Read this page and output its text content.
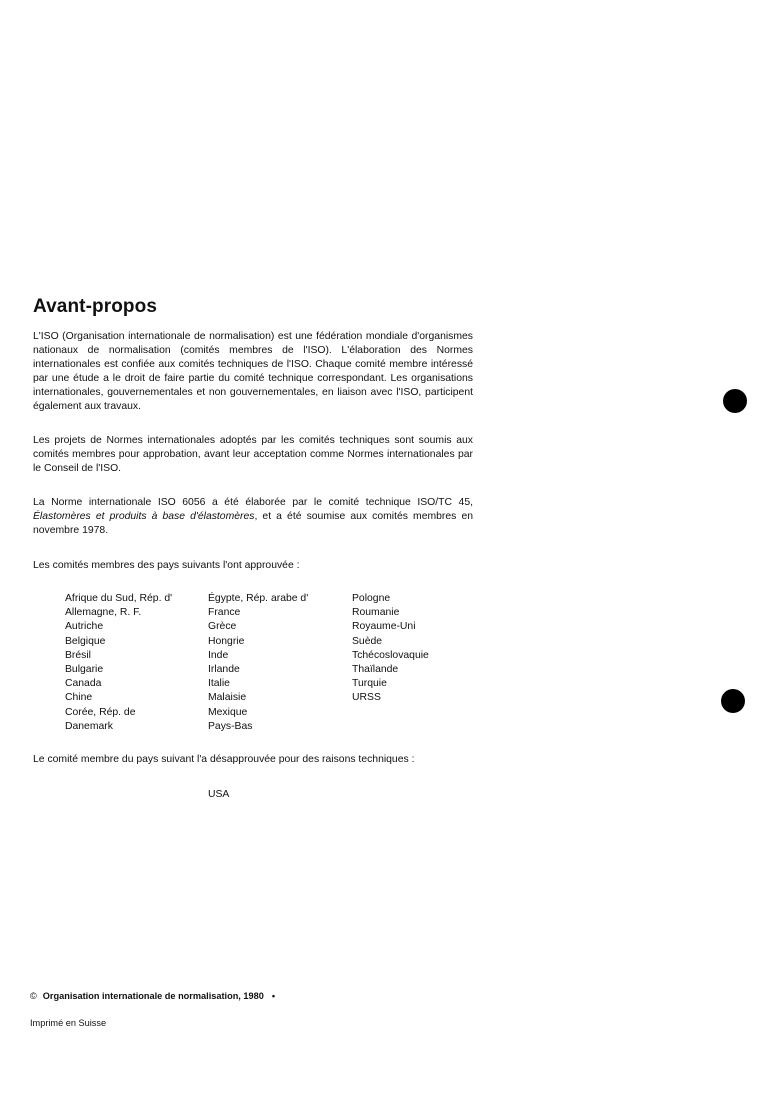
Avant-propos

L'ISO (Organisation internationale de normalisation) est une fédération mondiale d'organismes nationaux de normalisation (comités membres de l'ISO). L'élaboration des Normes internationales est confiée aux comités techniques de l'ISO. Chaque comité membre intéressé par une étude a le droit de faire partie du comité technique correspondant. Les organisations internationales, gouvernementales et non gouvernementales, en liaison avec l'ISO, participent également aux travaux.

Les projets de Normes internationales adoptés par les comités techniques sont soumis aux comités membres pour approbation, avant leur acceptation comme Normes internationales par le Conseil de l'ISO.

La Norme internationale ISO 6056 a été élaborée par le comité technique ISO/TC 45, Élastomères et produits à base d'élastomères, et a été soumise aux comités membres en novembre 1978.

Les comités membres des pays suivants l'ont approuvée :

Afrique du Sud, Rép. d'
Allemagne, R. F.
Autriche
Belgique
Brésil
Bulgarie
Canada
Chine
Corée, Rép. de
Danemark
Égypte, Rép. arabe d'
France
Grèce
Hongrie
Inde
Irlande
Italie
Malaisie
Mexique
Pays-Bas
Pologne
Roumanie
Royaume-Uni
Suède
Tchécoslovaquie
Thaïlande
Turquie
URSS

Le comité membre du pays suivant l'a désapprouvée pour des raisons techniques :

USA

© Organisation internationale de normalisation, 1980 •

Imprimé en Suisse
